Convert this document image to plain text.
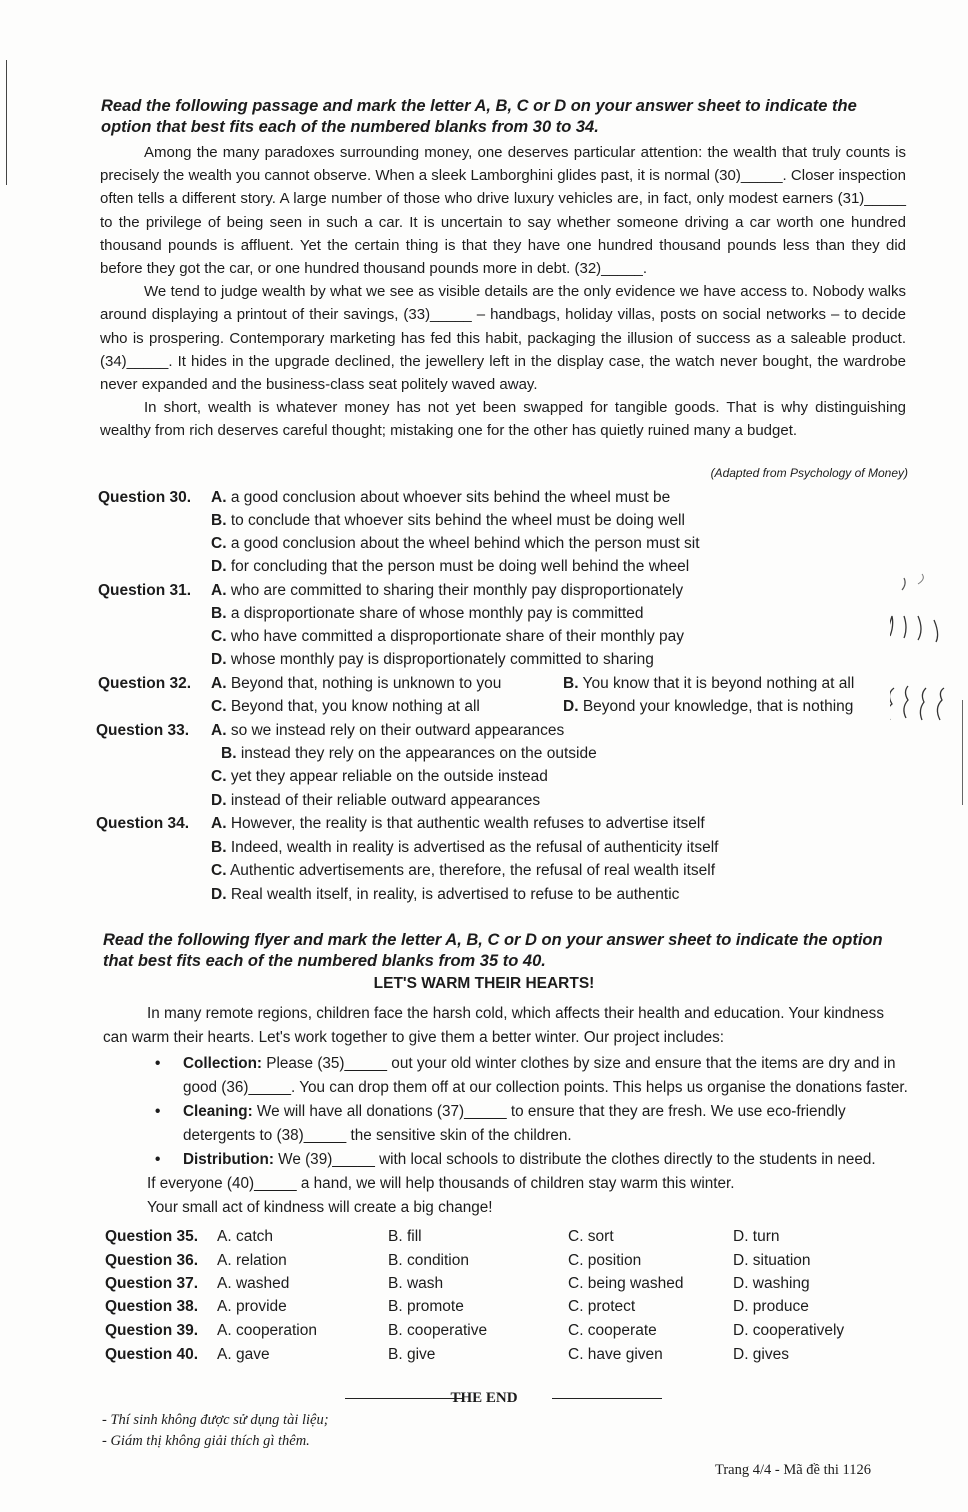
Read the following passage and mark the letter A, B, C or D on your answer sheet to indicate the option that best fits each of the numbered blanks from 30 to 34.

Among the many paradoxes surrounding money, one deserves particular attention: the wealth that truly counts is precisely the wealth you cannot observe. When a sleek Lamborghini glides past, it is normal (30)_____. Closer inspection often tells a different story. A large number of those who drive luxury vehicles are, in fact, only modest earners (31)_____ to the privilege of being seen in such a car. It is uncertain to say whether someone driving a car worth one hundred thousand pounds is affluent. Yet the certain thing is that they have one hundred thousand pounds less than they did before they got the car, or one hundred thousand pounds more in debt. (32)_____.

We tend to judge wealth by what we see as visible details are the only evidence we have access to. Nobody walks around displaying a printout of their savings, (33)_____ – handbags, holiday villas, posts on social networks – to decide who is prospering. Contemporary marketing has fed this habit, packaging the illusion of success as a saleable product. (34)_____. It hides in the upgrade declined, the jewellery left in the display case, the watch never bought, the wardrobe never expanded and the business-class seat politely waved away.

In short, wealth is whatever money has not yet been swapped for tangible goods. That is why distinguishing wealthy from rich deserves careful thought; mistaking one for the other has quietly ruined many a budget.

(Adapted from Psychology of Money)
Question 30. A. a good conclusion about whoever sits behind the wheel must be
B. to conclude that whoever sits behind the wheel must be doing well
C. a good conclusion about the wheel behind which the person must sit
D. for concluding that the person must be doing well behind the wheel
Question 31. A. who are committed to sharing their monthly pay disproportionately
B. a disproportionate share of whose monthly pay is committed
C. who have committed a disproportionate share of their monthly pay
D. whose monthly pay is disproportionately committed to sharing
Question 32. A. Beyond that, nothing is unknown to you	B. You know that it is beyond nothing at all
C. Beyond that, you know nothing at all	D. Beyond your knowledge, that is nothing
Question 33. A. so we instead rely on their outward appearances
B. instead they rely on the appearances on the outside
C. yet they appear reliable on the outside instead
D. instead of their reliable outward appearances
Question 34. A. However, the reality is that authentic wealth refuses to advertise itself
B. Indeed, wealth in reality is advertised as the refusal of authenticity itself
C. Authentic advertisements are, therefore, the refusal of real wealth itself
D. Real wealth itself, in reality, is advertised to refuse to be authentic

Read the following flyer and mark the letter A, B, C or D on your answer sheet to indicate the option that best fits each of the numbered blanks from 35 to 40.

LET'S WARM THEIR HEARTS!

In many remote regions, children face the harsh cold, which affects their health and education. Your kindness can warm their hearts. Let's work together to give them a better winter. Our project includes:

• Collection: Please (35)_____ out your old winter clothes by size and ensure that the items are dry and in good (36)_____. You can drop them off at our collection points. This helps us organise the donations faster.
• Cleaning: We will have all donations (37)_____ to ensure that they are fresh. We use eco-friendly detergents to (38)_____ the sensitive skin of the children.
• Distribution: We (39)_____ with local schools to distribute the clothes directly to the students in need.

If everyone (40)_____ a hand, we will help thousands of children stay warm this winter.

Your small act of kindness will create a big change!

Question 35. A. catch	B. fill	C. sort	D. turn
Question 36. A. relation	B. condition	C. position	D. situation
Question 37. A. washed	B. wash	C. being washed	D. washing
Question 38. A. provide	B. promote	C. protect	D. produce
Question 39. A. cooperation	B. cooperative	C. cooperate	D. cooperatively
Question 40. A. gave	B. give	C. have given	D. gives
THE END
- Thí sinh không được sử dụng tài liệu;
- Giám thị không giải thích gì thêm.
Trang 4/4 - Mã đề thi 1126
